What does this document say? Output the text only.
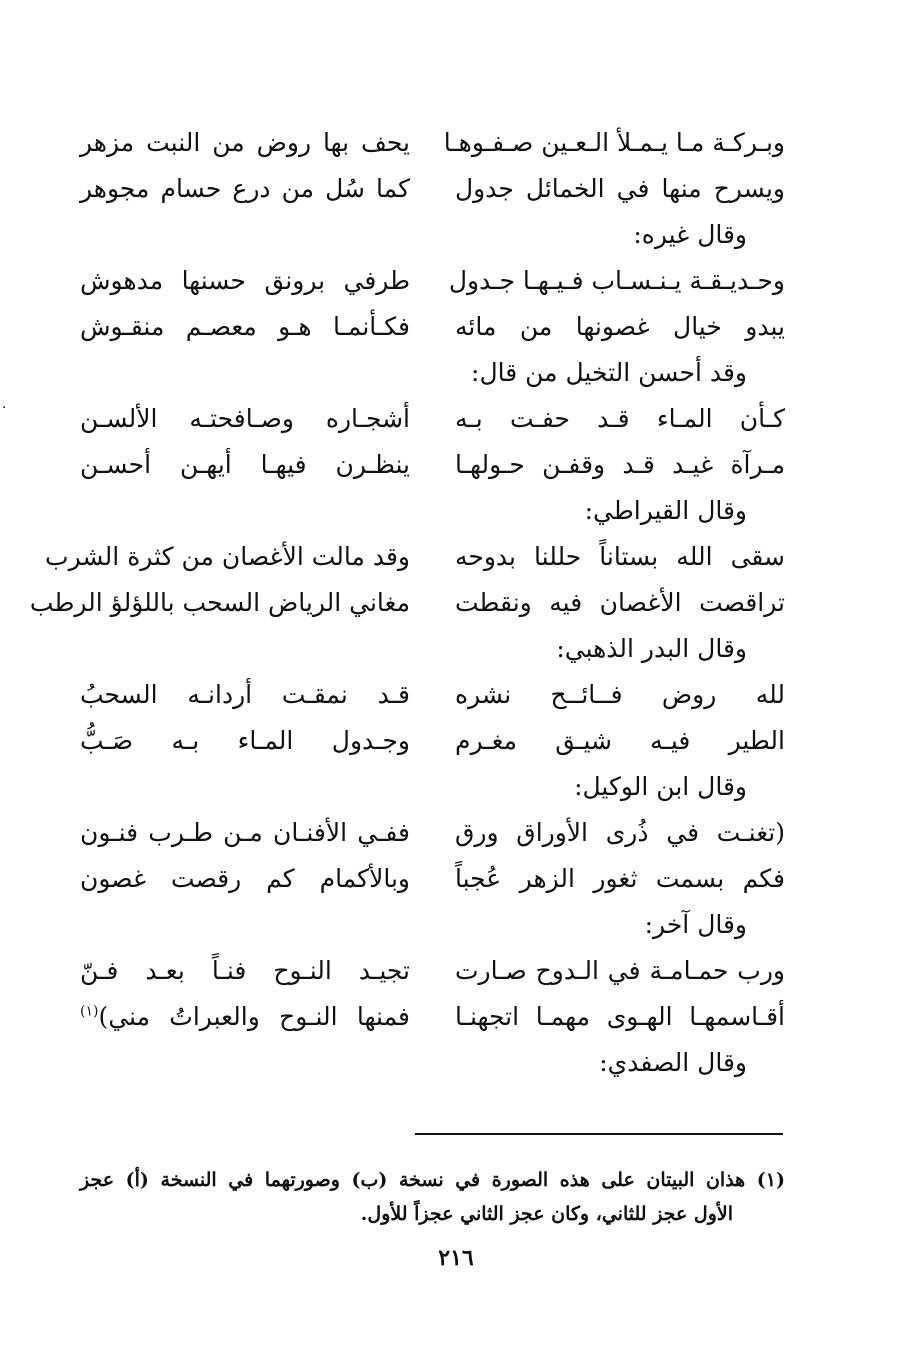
·
وبـركـة مـا يـمـلأ الـعـين صـفـوهـا
يحف بها روض من النبت مزهر
ويسرح منها في الخمائل جدول
كما سُل من درع حسام مجوهر
وقال غيره:
وحـديـقـة يـنـسـاب فـيـهـا جـدول
طرفي برونق حسنها مدهوش
يبدو خيال غصونها من مائه
فكـأنمـا هـو معصـم منقـوش
وقد أحسن التخيل من قال:
كـأن المـاء قـد حفـت بـه
أشجـاره وصـافحتـه الألسـن
مـرآة غيـد قـد وقفـن حـولهـا
ينظـرن فيهـا أيهـن أحسـن
وقال القيراطي:
سقى الله بستاناً حللنا بدوحه
وقد مالت الأغصان من كثرة الشرب
تراقصت الأغصان فيه ونقطت
مغاني الرياض السحب باللؤلؤ الرطب
وقال البدر الذهبي:
لله روض فــائــح نشره
قـد نمقـت أردانـه السحبُ
الطير فيـه شيـق مغـرم
وجـدول المـاء بـه صَـبُّ
وقال ابن الوكيل:
(تغنـت في ذُرى الأوراق ورق
ففـي الأفنـان مـن طـرب فنـون
فكم بسمت ثغور الزهر عُجباً
وبالأكمام كم رقصت غصون
وقال آخر:
ورب حمـامـة في الـدوح صـارت
تجيـد النـوح فنـاً بعـد فـنّ
أقـاسمهـا الهـوى مهمـا اتجهنـا
فمنها النـوح والعبراتُ مني)$^{(١)}$
وقال الصفدي:
(١) هذان البيتان على هذه الصورة في نسخة (ب) وصورتهما في النسخة (أ) عجز
الأول عجز للثاني، وكان عجز الثاني عجزاً للأول.
٢١٦
